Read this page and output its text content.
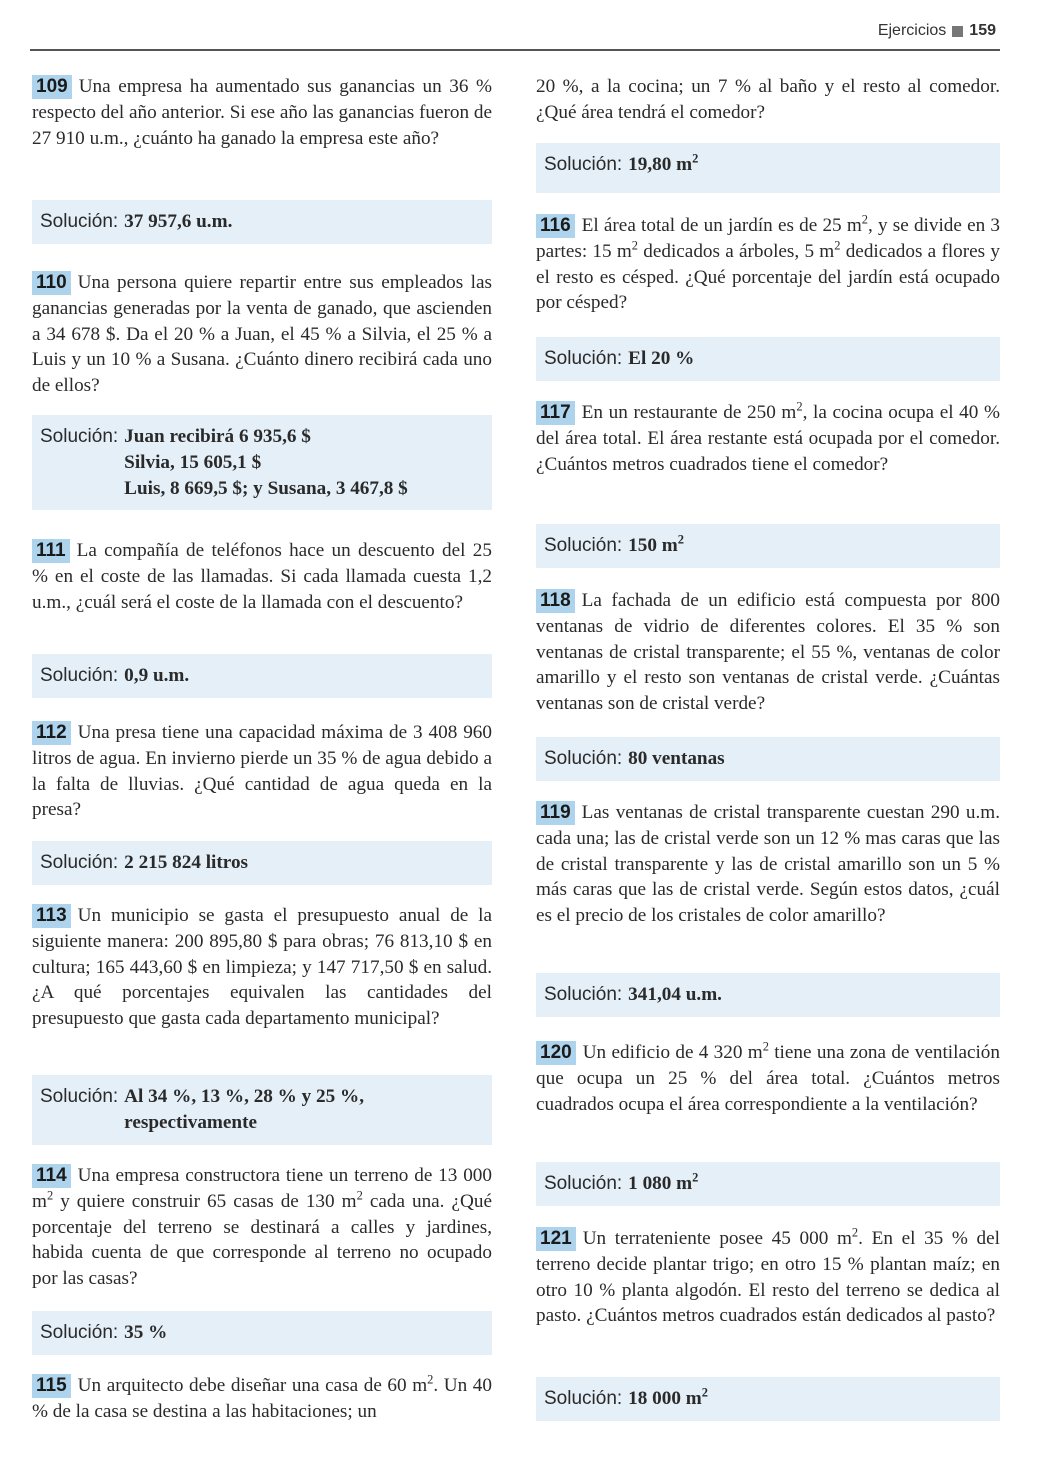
Ejercicios 159
109 Una empresa ha aumentado sus ganancias un 36 % respecto del año anterior. Si ese año las ganancias fueron de 27 910 u.m., ¿cuánto ha ganado la empresa este año?
Solución: 37 957,6 u.m.
110 Una persona quiere repartir entre sus empleados las ganancias generadas por la venta de ganado, que ascienden a 34 678 $. Da el 20 % a Juan, el 45 % a Silvia, el 25 % a Luis y un 10 % a Susana. ¿Cuánto dinero recibirá cada uno de ellos?
Solución: Juan recibirá 6 935,6 $
Silvia, 15 605,1 $
Luis, 8 669,5 $; y Susana, 3 467,8 $
111 La compañía de teléfonos hace un descuento del 25 % en el coste de las llamadas. Si cada llamada cuesta 1,2 u.m., ¿cuál será el coste de la llamada con el descuento?
Solución: 0,9 u.m.
112 Una presa tiene una capacidad máxima de 3 408 960 litros de agua. En invierno pierde un 35 % de agua debido a la falta de lluvias. ¿Qué cantidad de agua queda en la presa?
Solución: 2 215 824 litros
113 Un municipio se gasta el presupuesto anual de la siguiente manera: 200 895,80 $ para obras; 76 813,10 $ en cultura; 165 443,60 $ en limpieza; y 147 717,50 $ en salud. ¿A qué porcentajes equivalen las cantidades del presupuesto que gasta cada departamento municipal?
Solución: Al 34 %, 13 %, 28 % y 25 %, respectivamente
114 Una empresa constructora tiene un terreno de 13 000 $m^2$ y quiere construir 65 casas de 130 $m^2$ cada una. ¿Qué porcentaje del terreno se destinará a calles y jardines, habida cuenta de que corresponde al terreno no ocupado por las casas?
Solución: 35 %
115 Un arquitecto debe diseñar una casa de 60 $m^2$. Un 40 % de la casa se destina a las habitaciones; un
20 %, a la cocina; un 7 % al baño y el resto al comedor. ¿Qué área tendrá el comedor?
Solución: 19,80 $m^2$
116 El área total de un jardín es de 25 $m^2$, y se divide en 3 partes: 15 $m^2$ dedicados a árboles, 5 $m^2$ dedicados a flores y el resto es césped. ¿Qué porcentaje del jardín está ocupado por césped?
Solución: El 20 %
117 En un restaurante de 250 $m^2$, la cocina ocupa el 40 % del área total. El área restante está ocupada por el comedor. ¿Cuántos metros cuadrados tiene el comedor?
Solución: 150 $m^2$
118 La fachada de un edificio está compuesta por 800 ventanas de vidrio de diferentes colores. El 35 % son ventanas de cristal transparente; el 55 %, ventanas de color amarillo y el resto son ventanas de cristal verde. ¿Cuántas ventanas son de cristal verde?
Solución: 80 ventanas
119 Las ventanas de cristal transparente cuestan 290 u.m. cada una; las de cristal verde son un 12 % mas caras que las de cristal transparente y las de cristal amarillo son un 5 % más caras que las de cristal verde. Según estos datos, ¿cuál es el precio de los cristales de color amarillo?
Solución: 341,04 u.m.
120 Un edificio de 4 320 $m^2$ tiene una zona de ventilación que ocupa un 25 % del área total. ¿Cuántos metros cuadrados ocupa el área correspondiente a la ventilación?
Solución: 1 080 $m^2$
121 Un terrateniente posee 45 000 $m^2$. En el 35 % del terreno decide plantar trigo; en otro 15 % plantan maíz; en otro 10 % planta algodón. El resto del terreno se dedica al pasto. ¿Cuántos metros cuadrados están dedicados al pasto?
Solución: 18 000 $m^2$
